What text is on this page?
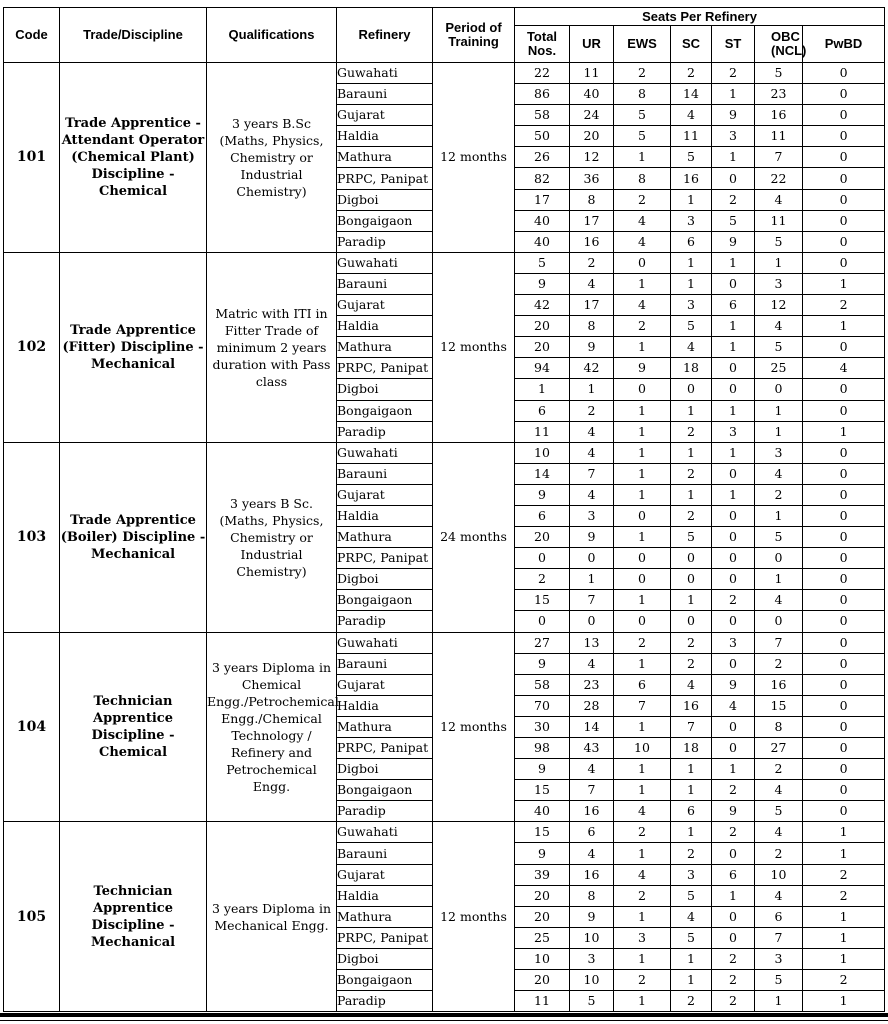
Code	Trade/Discipline	Qualifications	Refinery	Period of Training	Seats Per Refinery						
					Total Nos.	UR	EWS	SC	ST	OBC (NCL)	PwBD
101	Trade Apprentice - Attendant Operator (Chemical Plant) Discipline - Chemical	3 years B.Sc (Maths, Physics, Chemistry or Industrial Chemistry)	Guwahati	12 months	22	11	2	2	2	5	0
			Barauni		86	40	8	14	1	23	0
			Gujarat		58	24	5	4	9	16	0
			Haldia		50	20	5	11	3	11	0
			Mathura		26	12	1	5	1	7	0
			PRPC, Panipat		82	36	8	16	0	22	0
			Digboi		17	8	2	1	2	4	0
			Bongaigaon		40	17	4	3	5	11	0
			Paradip		40	16	4	6	9	5	0
102	Trade Apprentice (Fitter) Discipline - Mechanical	Matric with ITI in Fitter Trade of minimum 2 years duration with Pass class	Guwahati	12 months	5	2	0	1	1	1	0
			Barauni		9	4	1	1	0	3	1
			Gujarat		42	17	4	3	6	12	2
			Haldia		20	8	2	5	1	4	1
			Mathura		20	9	1	4	1	5	0
			PRPC, Panipat		94	42	9	18	0	25	4
			Digboi		1	1	0	0	0	0	0
			Bongaigaon		6	2	1	1	1	1	0
			Paradip		11	4	1	2	3	1	1
103	Trade Apprentice (Boiler) Discipline - Mechanical	3 years B Sc. (Maths, Physics, Chemistry or Industrial Chemistry)	Guwahati	24 months	10	4	1	1	1	3	0
			Barauni		14	7	1	2	0	4	0
			Gujarat		9	4	1	1	1	2	0
			Haldia		6	3	0	2	0	1	0
			Mathura		20	9	1	5	0	5	0
			PRPC, Panipat		0	0	0	0	0	0	0
			Digboi		2	1	0	0	0	1	0
			Bongaigaon		15	7	1	1	2	4	0
			Paradip		0	0	0	0	0	0	0
104	Technician Apprentice Discipline - Chemical	3 years Diploma in Chemical Engg./Petrochemical Engg./Chemical Technology / Refinery and Petrochemical Engg.	Guwahati	12 months	27	13	2	2	3	7	0
			Barauni		9	4	1	2	0	2	0
			Gujarat		58	23	6	4	9	16	0
			Haldia		70	28	7	16	4	15	0
			Mathura		30	14	1	7	0	8	0
			PRPC, Panipat		98	43	10	18	0	27	0
			Digboi		9	4	1	1	1	2	0
			Bongaigaon		15	7	1	1	2	4	0
			Paradip		40	16	4	6	9	5	0
105	Technician Apprentice Discipline - Mechanical	3 years Diploma in Mechanical Engg.	Guwahati	12 months	15	6	2	1	2	4	1
			Barauni		9	4	1	2	0	2	1
			Gujarat		39	16	4	3	6	10	2
			Haldia		20	8	2	5	1	4	2
			Mathura		20	9	1	4	0	6	1
			PRPC, Panipat		25	10	3	5	0	7	1
			Digboi		10	3	1	1	2	3	1
			Bongaigaon		20	10	2	1	2	5	2
			Paradip		11	5	1	2	2	1	1
